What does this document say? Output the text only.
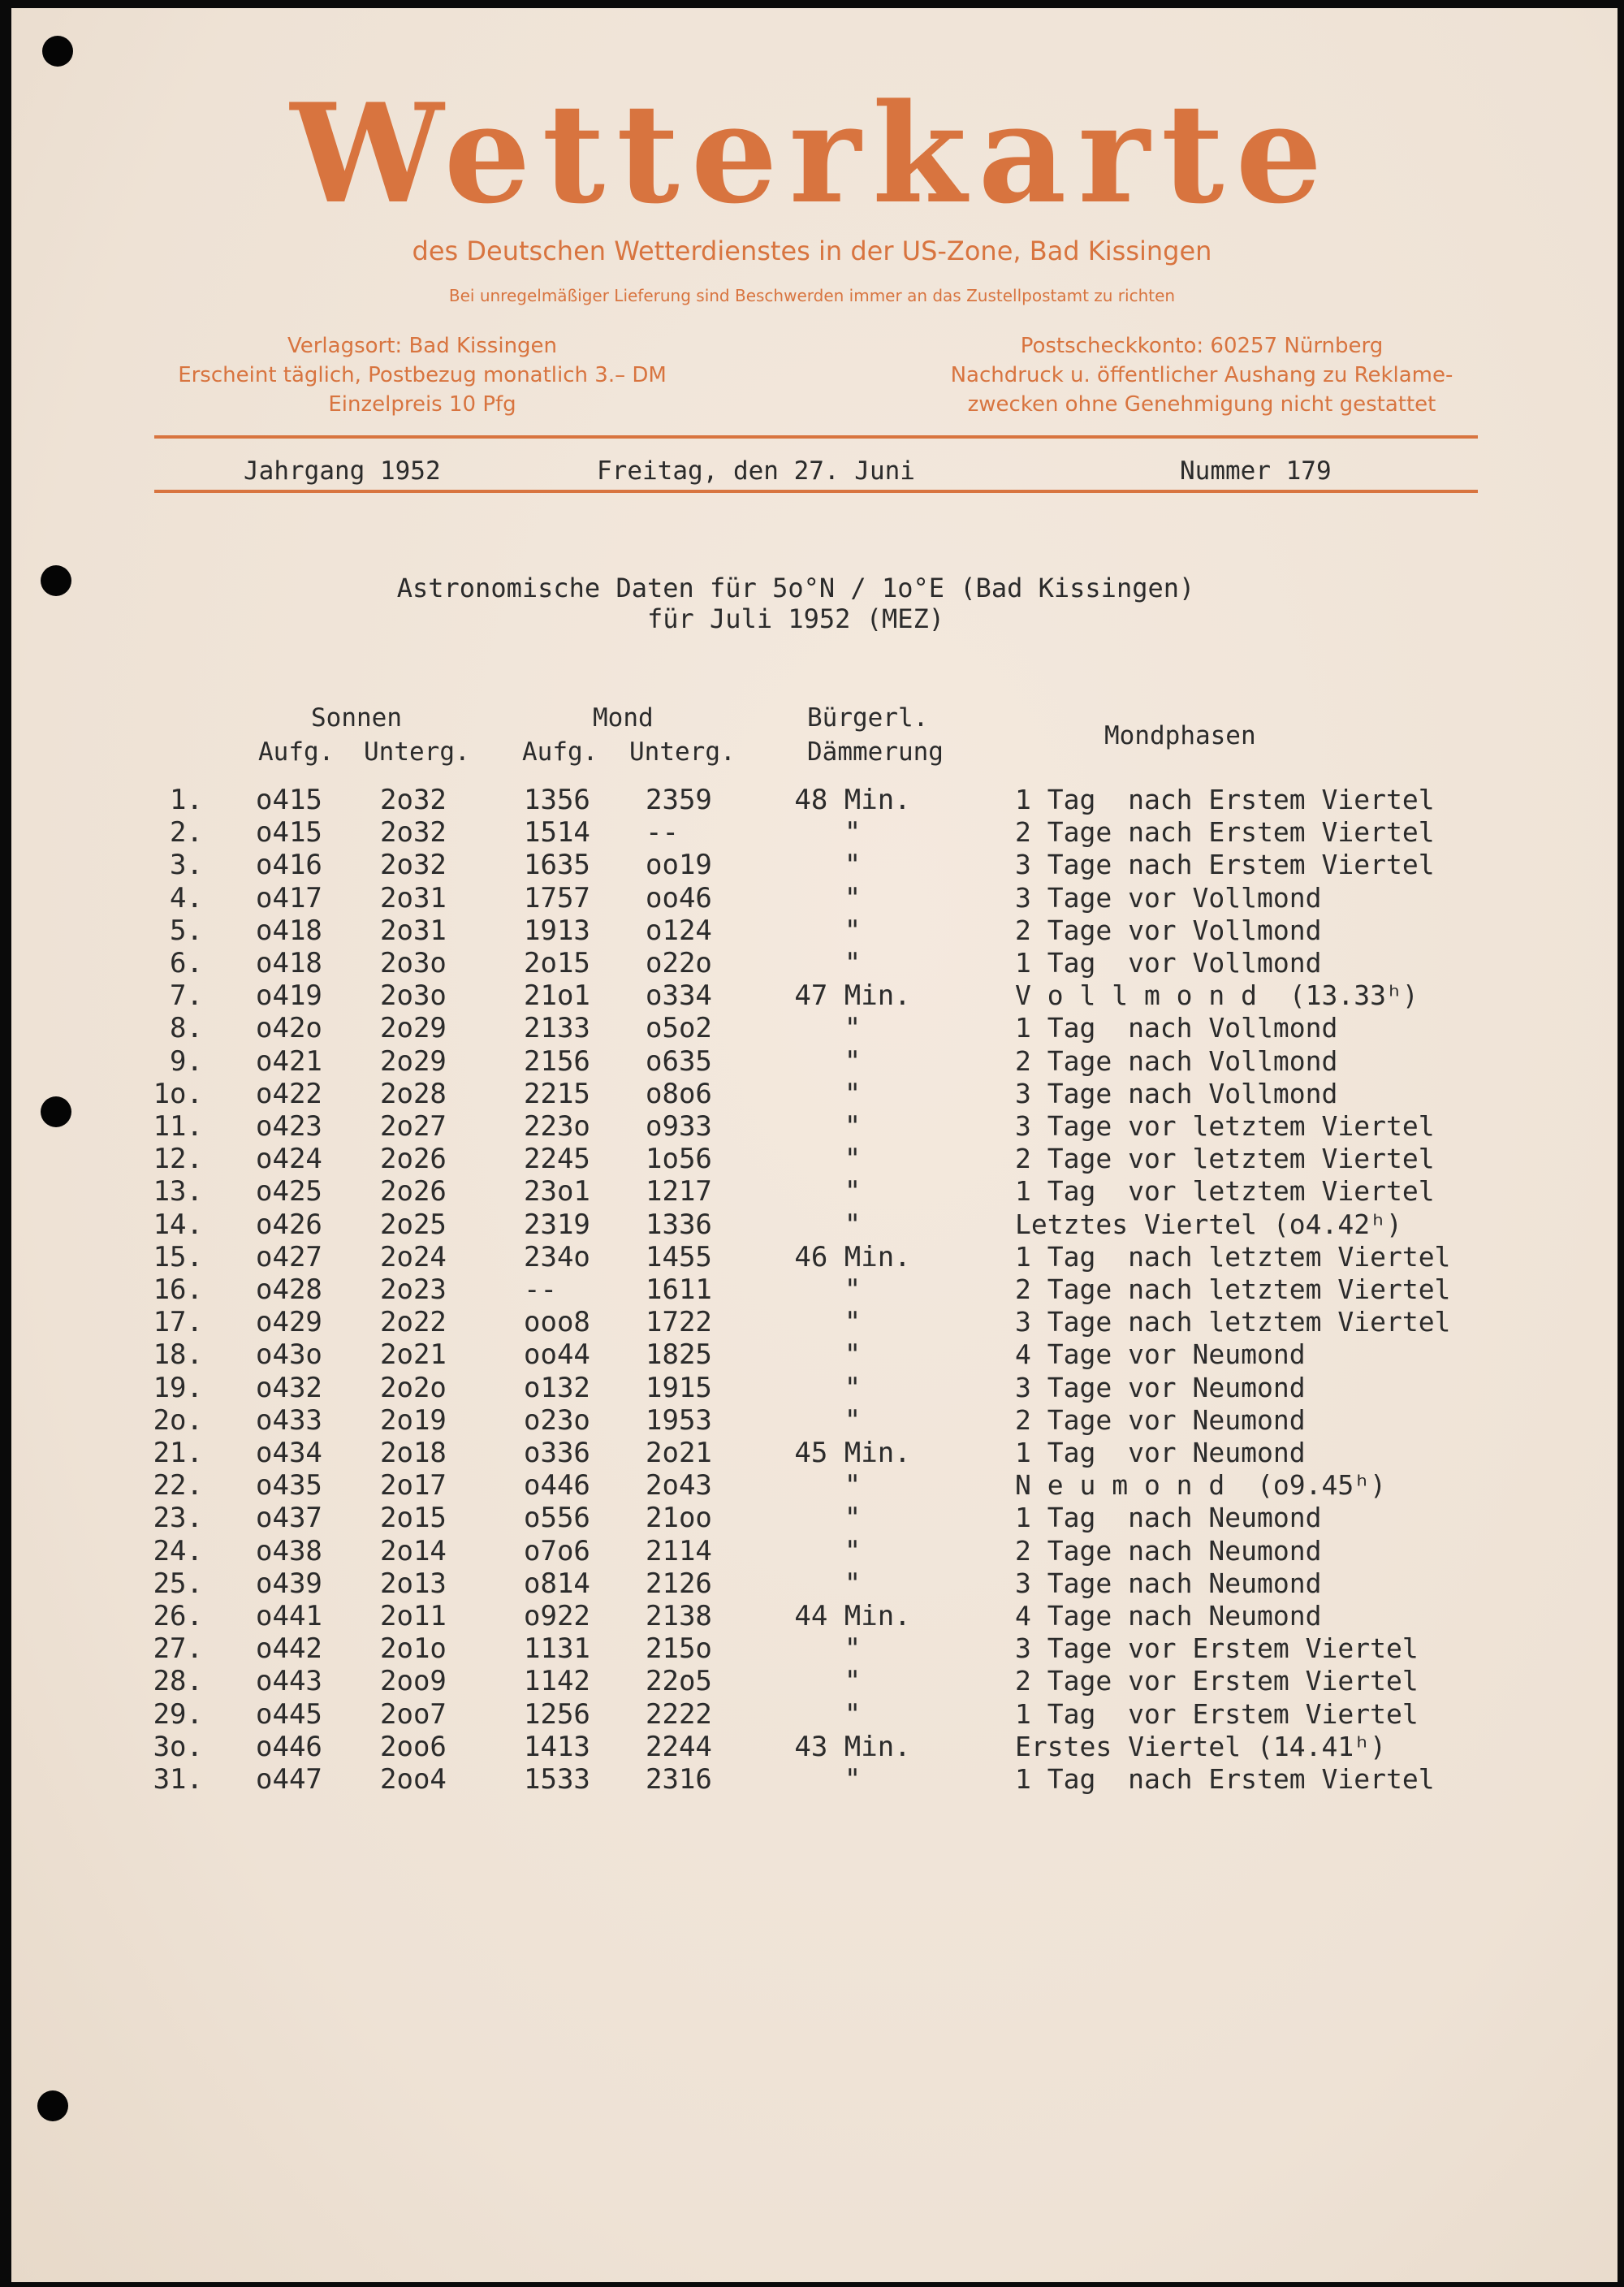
Wetterkarte
des Deutschen Wetterdienstes in der US-Zone, Bad Kissingen
Bei unregelmäßiger Lieferung sind Beschwerden immer an das Zustellpostamt zu richten
Verlagsort: Bad Kissingen
Erscheint täglich, Postbezug monatlich 3.– DM
Einzelpreis 10 Pfg
Postscheckkonto: 60257 Nürnberg
Nachdruck u. öffentlicher Aushang zu Reklame-
zwecken ohne Genehmigung nicht gestattet
Jahrgang 1952	Freitag, den 27. Juni	Nummer 179
Astronomische Daten für 5o°N / 1o°E (Bad Kissingen)
für Juli 1952 (MEZ)
Sonnen
Aufg. Unterg.
Mond
Aufg. Unterg.
Bürgerl.
Dämmerung
Mondphasen
1. o415 2o32	1356 2359	48 Min.	1 Tag  nach Erstem Viertel
2. o415 2o32	1514 --	"	2 Tage nach Erstem Viertel
3. o416 2o32	1635 oo19	"	3 Tage nach Erstem Viertel
4. o417 2o31	1757 oo46	"	3 Tage vor Vollmond
5. o418 2o31	1913 o124	"	2 Tage vor Vollmond
6. o418 2o3o	2o15 o22o	"	1 Tag  vor Vollmond
7. o419 2o3o	21o1 o334	47 Min.	V o l l m o n d  (13.33ʰ)
8. o42o 2o29	2133 o5o2	"	1 Tag  nach Vollmond
9. o421 2o29	2156 o635	"	2 Tage nach Vollmond
1o. o422 2o28	2215 o8o6	"	3 Tage nach Vollmond
11. o423 2o27	223o o933	"	3 Tage vor letztem Viertel
12. o424 2o26	2245 1o56	"	2 Tage vor letztem Viertel
13. o425 2o26	23o1 1217	"	1 Tag  vor letztem Viertel
14. o426 2o25	2319 1336	"	Letztes Viertel (o4.42ʰ)
15. o427 2o24	234o 1455	46 Min.	1 Tag  nach letztem Viertel
16. o428 2o23	--	1611	"	2 Tage nach letztem Viertel
17. o429 2o22	ooo8 1722	"	3 Tage nach letztem Viertel
18. o43o 2o21	oo44 1825	"	4 Tage vor Neumond
19. o432 2o2o	o132 1915	"	3 Tage vor Neumond
2o. o433 2o19	o23o 1953	"	2 Tage vor Neumond
21. o434 2o18	o336 2o21	45 Min.	1 Tag  vor Neumond
22. o435 2o17	o446 2o43	"	N e u m o n d  (o9.45ʰ)
23. o437 2o15	o556 21oo	"	1 Tag  nach Neumond
24. o438 2o14	o7o6 2114	"	2 Tage nach Neumond
25. o439 2o13	o814 2126	"	3 Tage nach Neumond
26. o441 2o11	o922 2138	44 Min.	4 Tage nach Neumond
27. o442 2o1o	1131 215o	"	3 Tage vor Erstem Viertel
28. o443 2oo9	1142 22o5	"	2 Tage vor Erstem Viertel
29. o445 2oo7	1256 2222	"	1 Tag  vor Erstem Viertel
3o. o446 2oo6	1413 2244	43 Min.	Erstes Viertel (14.41ʰ)
31. o447 2oo4	1533 2316	"	1 Tag  nach Erstem Viertel
